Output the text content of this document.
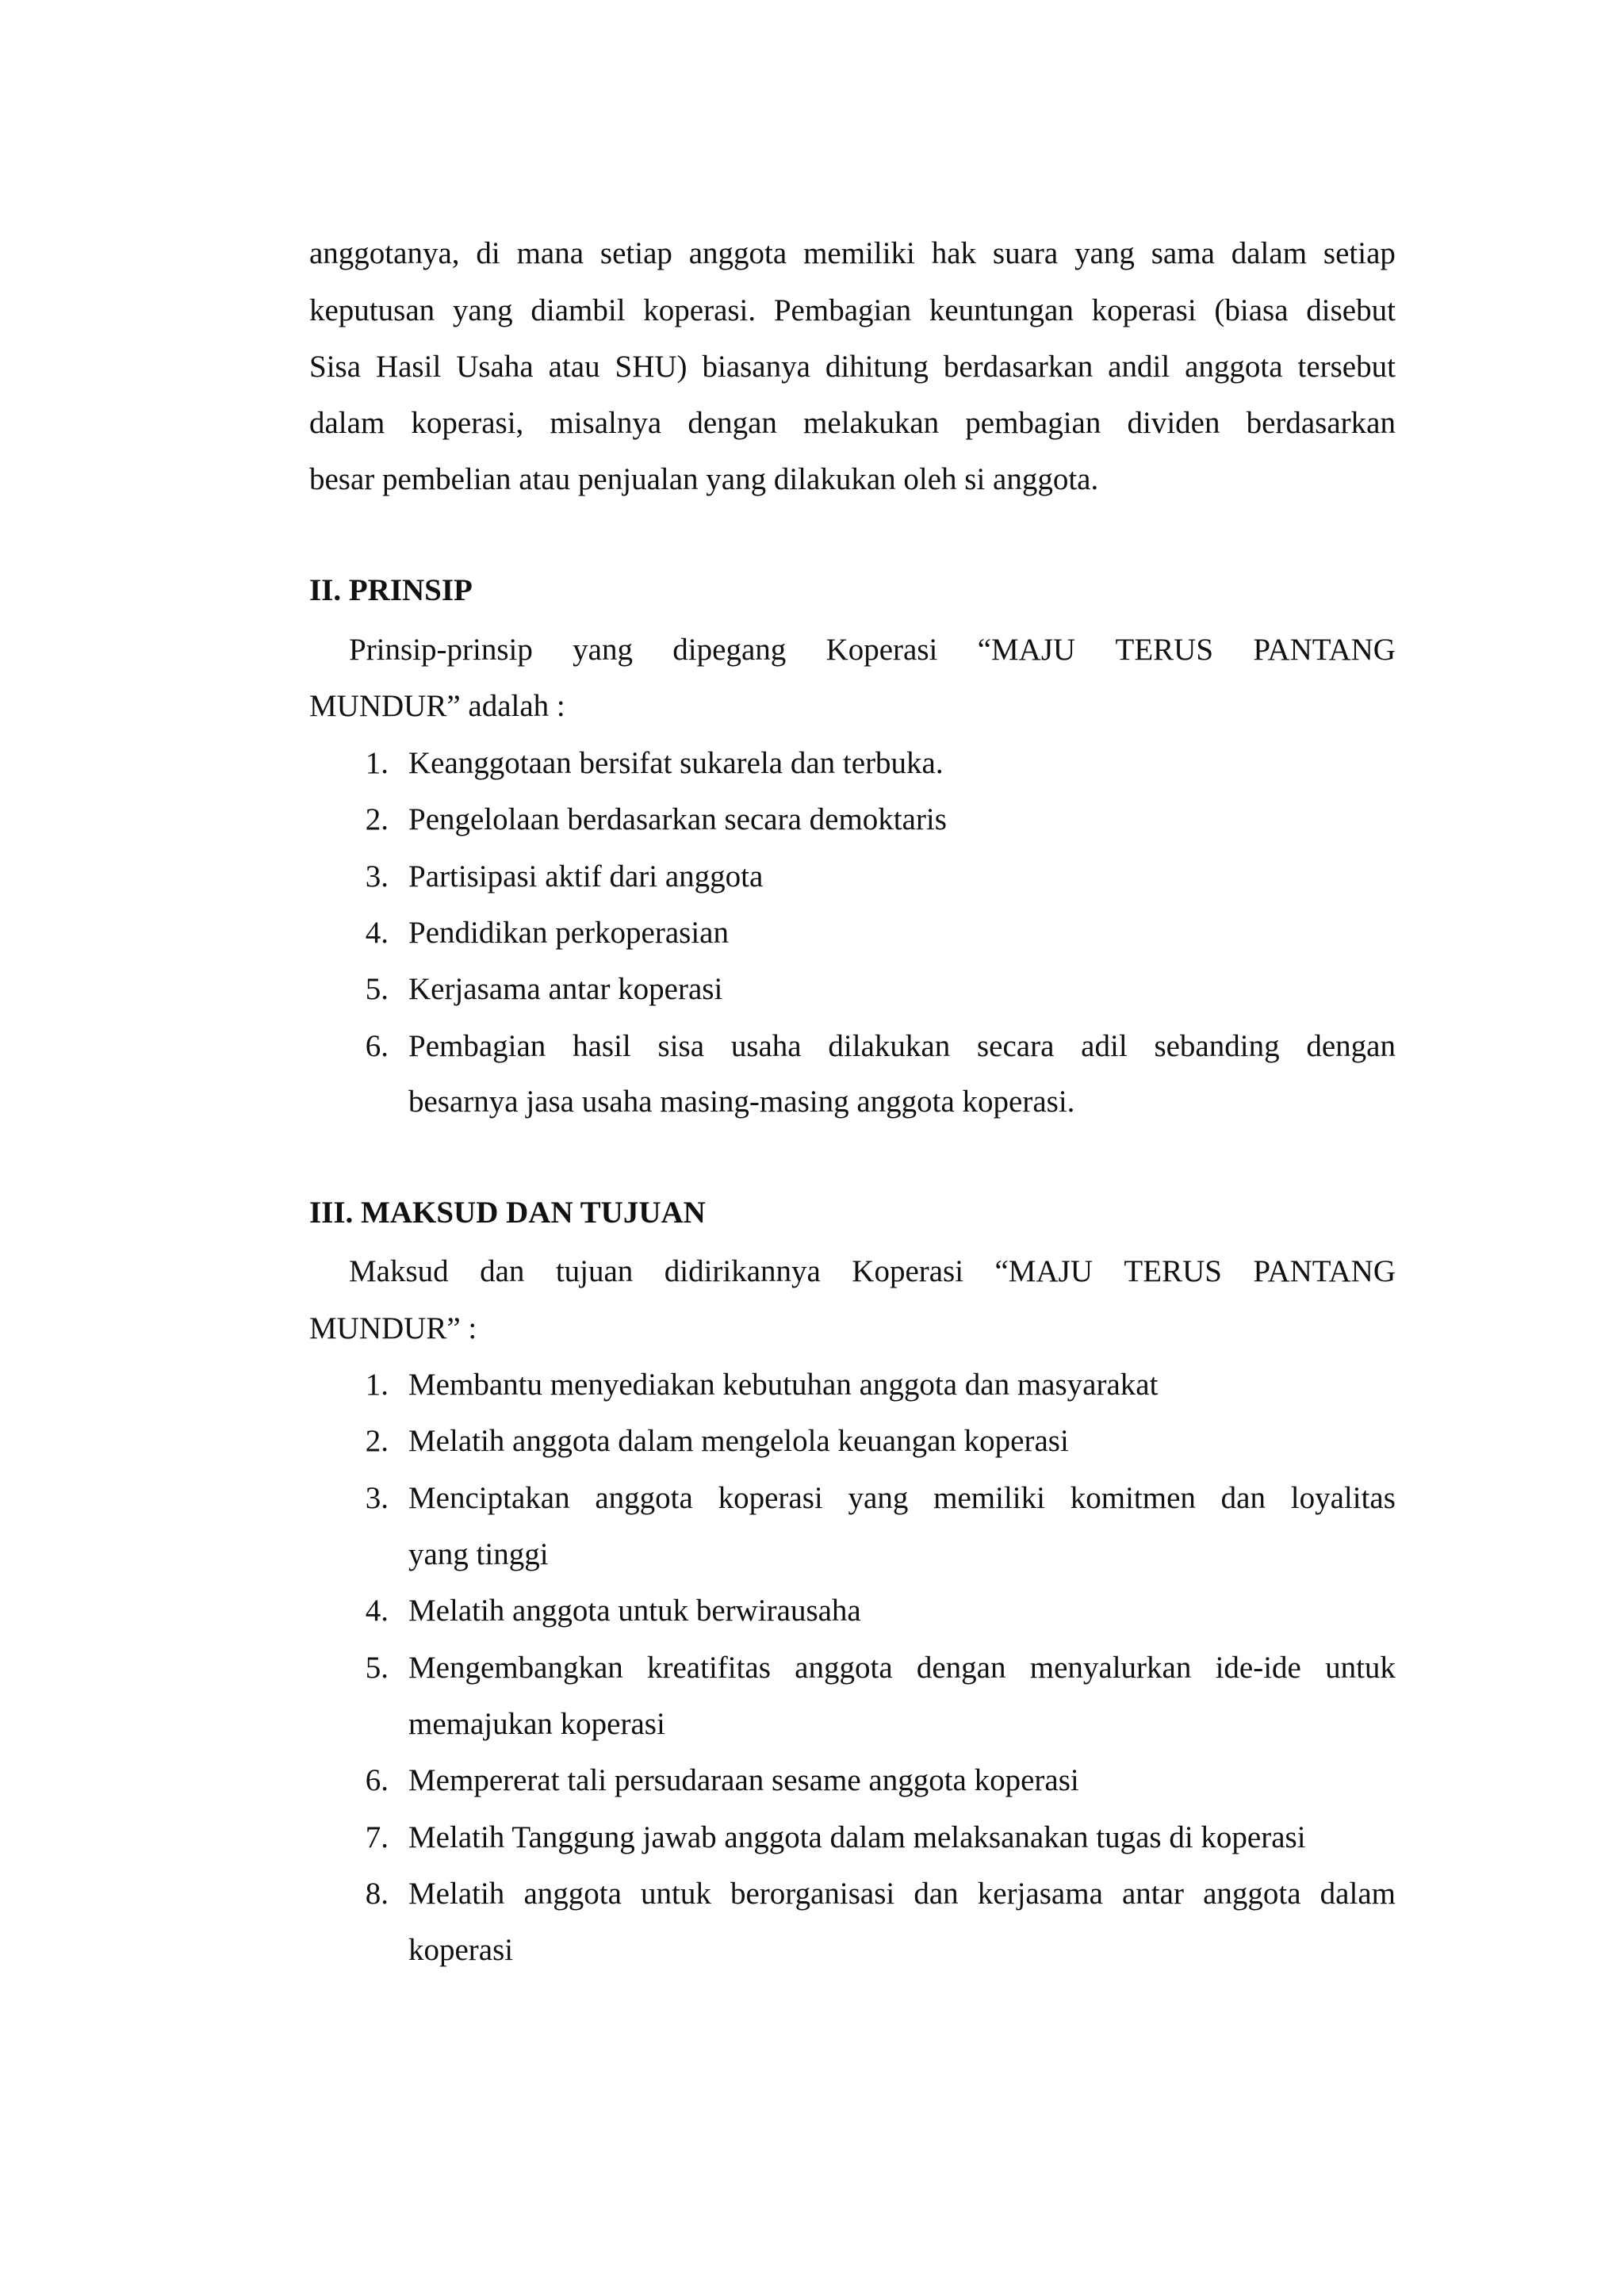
anggotanya, di mana setiap anggota memiliki hak suara yang sama dalam setiap
keputusan yang diambil koperasi. Pembagian keuntungan koperasi (biasa disebut
Sisa Hasil Usaha atau SHU) biasanya dihitung berdasarkan andil anggota tersebut
dalam koperasi, misalnya dengan melakukan pembagian dividen berdasarkan
besar pembelian atau penjualan yang dilakukan oleh si anggota.
II. PRINSIP
Prinsip-prinsip yang dipegang Koperasi “MAJU TERUS PANTANG
MUNDUR” adalah :
1. Keanggotaan bersifat sukarela dan terbuka.
2. Pengelolaan berdasarkan secara demoktaris
3. Partisipasi aktif dari anggota
4. Pendidikan perkoperasian
5. Kerjasama antar koperasi
6. Pembagian hasil sisa usaha dilakukan secara adil sebanding dengan
besarnya jasa usaha masing-masing anggota koperasi.
III. MAKSUD DAN TUJUAN
Maksud dan tujuan didirikannya Koperasi “MAJU TERUS PANTANG
MUNDUR” :
1. Membantu menyediakan kebutuhan anggota dan masyarakat
2. Melatih anggota dalam mengelola keuangan koperasi
3. Menciptakan anggota koperasi yang memiliki komitmen dan loyalitas
yang tinggi
4. Melatih anggota untuk berwirausaha
5. Mengembangkan kreatifitas anggota dengan menyalurkan ide-ide untuk
memajukan koperasi
6. Mempererat tali persudaraan sesame anggota koperasi
7. Melatih Tanggung jawab anggota dalam melaksanakan tugas di koperasi
8. Melatih anggota untuk berorganisasi dan kerjasama antar anggota dalam
koperasi
